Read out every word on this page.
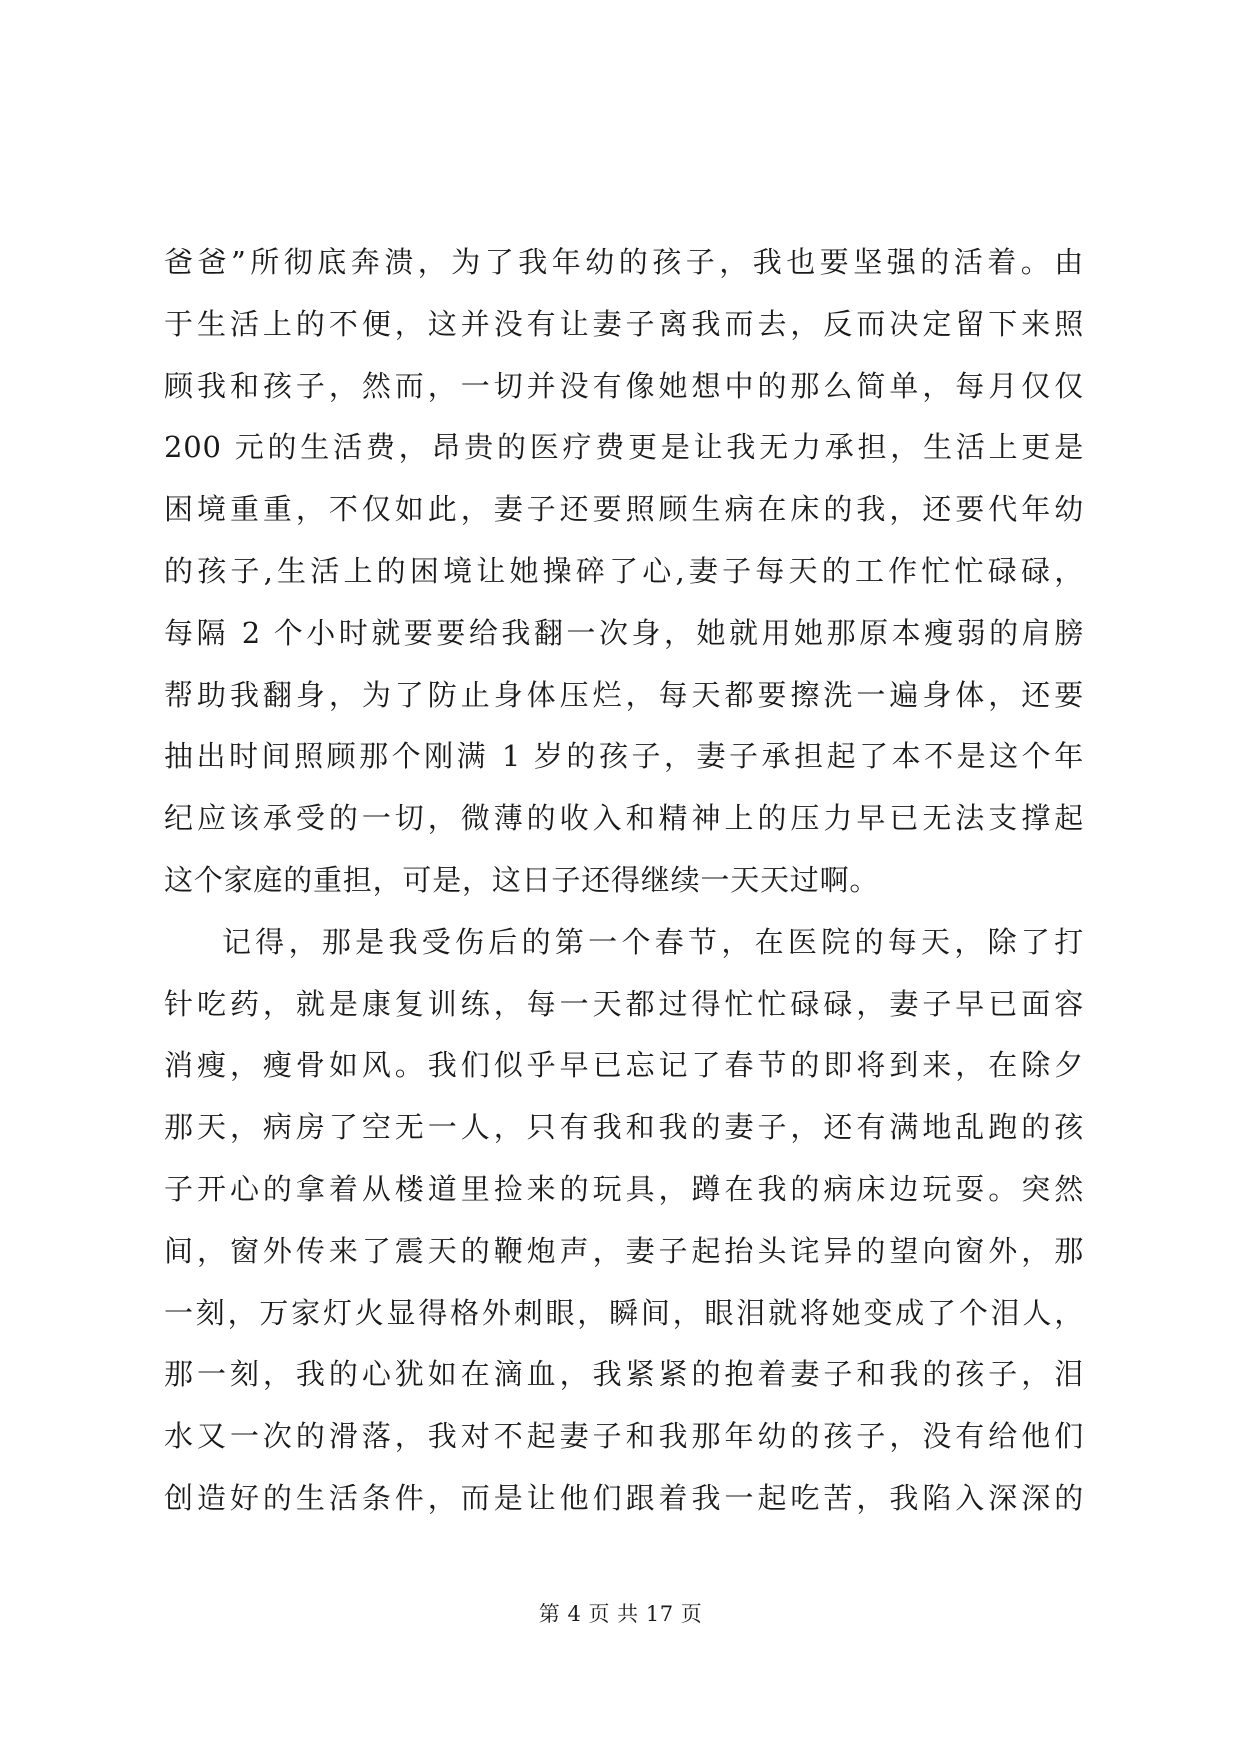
爸爸”所彻底奔溃，为了我年幼的孩子，我也要坚强的活着。由
于生活上的不便，这并没有让妻子离我而去，反而决定留下来照
顾我和孩子，然而，一切并没有像她想中的那么简单，每月仅仅
200 元的生活费，昂贵的医疗费更是让我无力承担，生活上更是
困境重重，不仅如此，妻子还要照顾生病在床的我，还要代年幼
的孩子,生活上的困境让她操碎了心,妻子每天的工作忙忙碌碌，
每隔 2 个小时就要要给我翻一次身，她就用她那原本瘦弱的肩膀
帮助我翻身，为了防止身体压烂，每天都要擦洗一遍身体，还要
抽出时间照顾那个刚满 1 岁的孩子，妻子承担起了本不是这个年
纪应该承受的一切，微薄的收入和精神上的压力早已无法支撑起
这个家庭的重担，可是，这日子还得继续一天天过啊。
记得，那是我受伤后的第一个春节，在医院的每天，除了打
针吃药，就是康复训练，每一天都过得忙忙碌碌，妻子早已面容
消瘦，瘦骨如风。我们似乎早已忘记了春节的即将到来，在除夕
那天，病房了空无一人，只有我和我的妻子，还有满地乱跑的孩
子开心的拿着从楼道里捡来的玩具，蹲在我的病床边玩耍。突然
间，窗外传来了震天的鞭炮声，妻子起抬头诧异的望向窗外，那
一刻，万家灯火显得格外刺眼，瞬间，眼泪就将她变成了个泪人，
那一刻，我的心犹如在滴血，我紧紧的抱着妻子和我的孩子，泪
水又一次的滑落，我对不起妻子和我那年幼的孩子，没有给他们
创造好的生活条件，而是让他们跟着我一起吃苦，我陷入深深的
第 4 页 共 17 页
